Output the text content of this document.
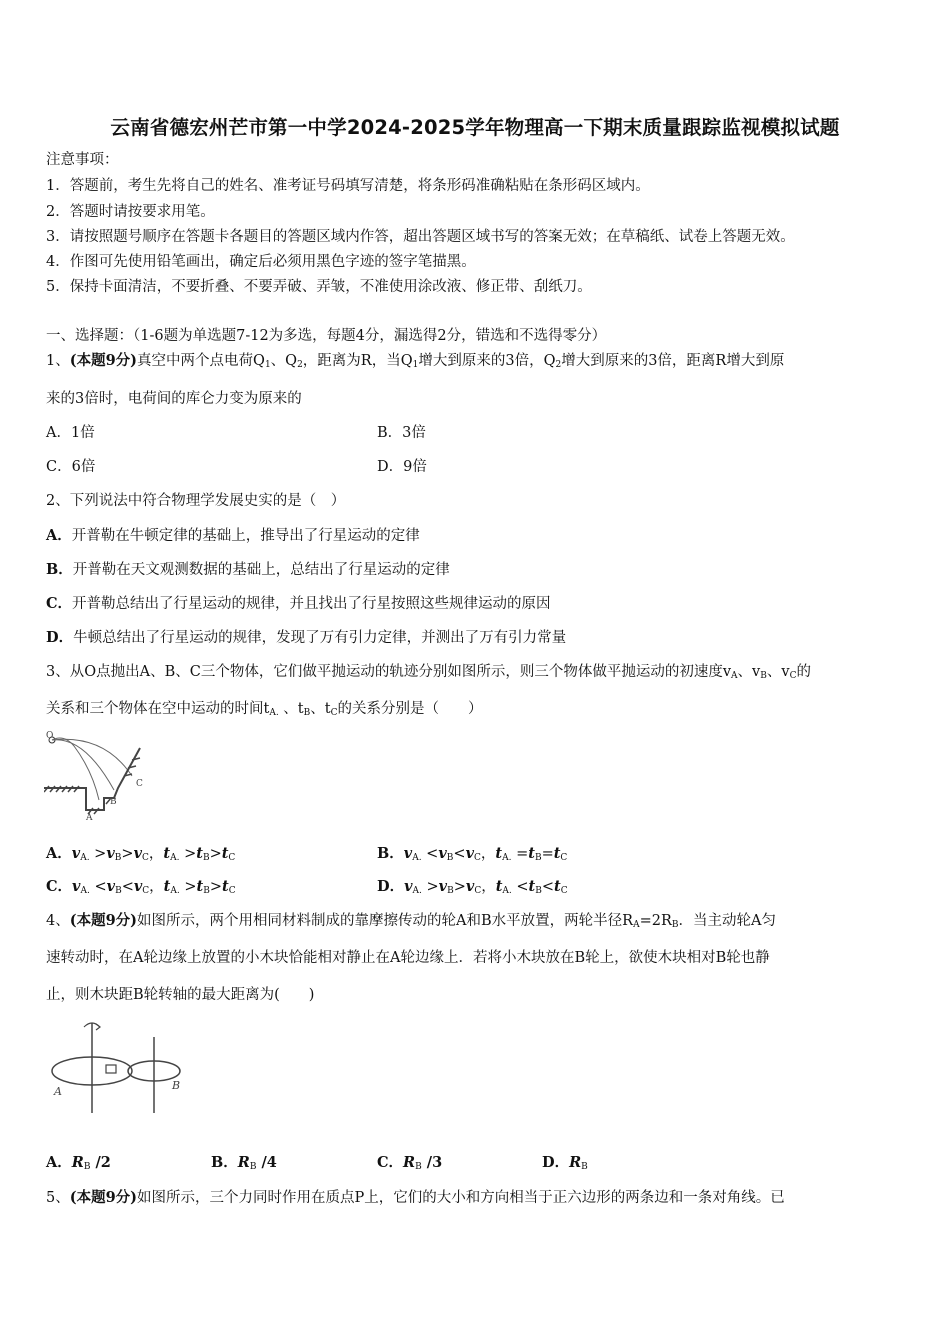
云南省德宏州芒市第一中学2024-2025学年物理高一下期末质量跟踪监视模拟试题
注意事项：
1．答题前，考生先将自己的姓名、准考证号码填写清楚，将条形码准确粘贴在条形码区域内。
2．答题时请按要求用笔。
3．请按照题号顺序在答题卡各题目的答题区域内作答，超出答题区域书写的答案无效；在草稿纸、试卷上答题无效。
4．作图可先使用铅笔画出，确定后必须用黑色字迹的签字笔描黑。
5．保持卡面清洁，不要折叠、不要弄破、弄皱，不准使用涂改液、修正带、刮纸刀。
一、选择题：（1-6题为单选题7-12为多选，每题4分，漏选得2分，错选和不选得零分）
1、(本题9分)真空中两个点电荷$Q_1$、$Q_2$，距离为R，当$Q_1$增大到原来的3倍，$Q_2$增大到原来的3倍，距离R增大到原
来的3倍时，电荷间的库仑力变为原来的
A．1倍	B．3倍
C．6倍	D．9倍
2、下列说法中符合物理学发展史实的是（　）
A．开普勒在牛顿定律的基础上，推导出了行星运动的定律
B．开普勒在天文观测数据的基础上，总结出了行星运动的定律
C．开普勒总结出了行星运动的规律，并且找出了行星按照这些规律运动的原因
D．牛顿总结出了行星运动的规律，发现了万有引力定律，并测出了万有引力常量
3、从O点抛出A、B、C三个物体，它们做平抛运动的轨迹分别如图所示，则三个物体做平抛运动的初速度$v_A$、$v_B$、$v_C$的
关系和三个物体在空中运动的时间$t_{A.}$ 、$t_B$、$t_C$的关系分别是（　　）
O
C
B
A
A．$v_{A.} >v_B>v_C$，$t_{A.} >t_B>t_C$	B．$v_{A.} <v_B<v_C$，$t_{A.} =t_B=t_C$
C．$v_{A.} <v_B<v_C$，$t_{A.} >t_B>t_C$	D．$v_{A.} >v_B>v_C$，$t_{A.} <t_B<t_C$
4、(本题9分)如图所示，两个用相同材料制成的靠摩擦传动的轮A和B水平放置，两轮半径$R_A=2R_B$．当主动轮A匀
速转动时，在A轮边缘上放置的小木块恰能相对静止在A轮边缘上．若将小木块放在B轮上，欲使木块相对B轮也静
止，则木块距B轮转轴的最大距离为(　　)
A	B
A．$R_B$ /2	B．$R_B$ /4	C．$R_B$ /3	D．$R_B$
5、(本题9分)如图所示，三个力同时作用在质点P上，它们的大小和方向相当于正六边形的两条边和一条对角线。已
